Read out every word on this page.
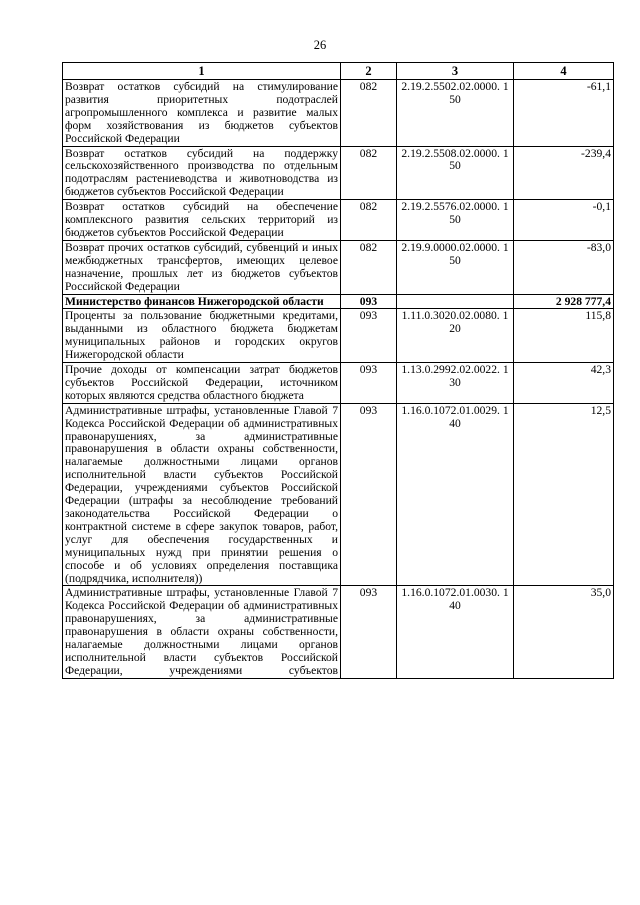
26
1	2	3	4
Возврат остатков субсидий на стимулирование развития приоритетных подотраслей агропромышленного комплекса и развитие малых форм хозяйствования из бюджетов субъектов Российской Федерации	082	2.19.2.5502.02.0000. 150	-61,1
Возврат остатков субсидий на поддержку сельскохозяйственного производства по отдельным подотраслям растениеводства и животноводства из бюджетов субъектов Российской Федерации	082	2.19.2.5508.02.0000. 150	-239,4
Возврат остатков субсидий на обеспечение комплексного развития сельских территорий из бюджетов субъектов Российской Федерации	082	2.19.2.5576.02.0000. 150	-0,1
Возврат прочих остатков субсидий, субвенций и иных межбюджетных трансфертов, имеющих целевое назначение, прошлых лет из бюджетов субъектов Российской Федерации	082	2.19.9.0000.02.0000. 150	-83,0
Министерство финансов Нижегородской области	093		2 928 777,4
Проценты за пользование бюджетными кредитами, выданными из областного бюджета бюджетам муниципальных районов и городских округов Нижегородской области	093	1.11.0.3020.02.0080. 120	115,8
Прочие доходы от компенсации затрат бюджетов субъектов Российской Федерации, источником которых являются средства областного бюджета	093	1.13.0.2992.02.0022. 130	42,3
Административные штрафы, установленные Главой 7 Кодекса Российской Федерации об административных правонарушениях, за административные правонарушения в области охраны собственности, налагаемые должностными лицами органов исполнительной власти субъектов Российской Федерации, учреждениями субъектов Российской Федерации (штрафы за несоблюдение требований законодательства Российской Федерации о контрактной системе в сфере закупок товаров, работ, услуг для обеспечения государственных и муниципальных нужд при принятии решения о способе и об условиях определения поставщика (подрядчика, исполнителя))	093	1.16.0.1072.01.0029. 140	12,5
Административные штрафы, установленные Главой 7 Кодекса Российской Федерации об административных правонарушениях, за административные правонарушения в области охраны собственности, налагаемые должностными лицами органов исполнительной власти субъектов Российской Федерации, учреждениями субъектов	093	1.16.0.1072.01.0030. 140	35,0
